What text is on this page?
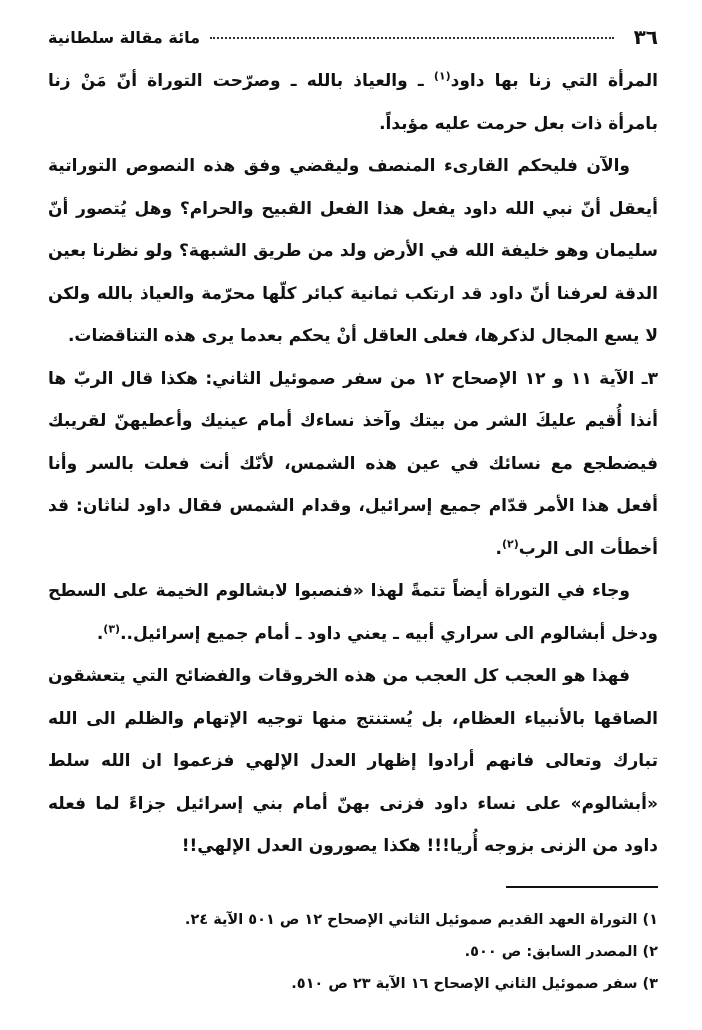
٣٦
مائة مقالة سلطانية

المرأة التي زنا بها داود$^{(١)}$ ـ والعياذ بالله ـ وصرّحت التوراة أنّ مَنْ زنا بامرأة ذات بعل حرمت عليه مؤبداً.

والآن فليحكم القارىء المنصف وليقضي وفق هذه النصوص التوراتية أيعقل أنّ نبي الله داود يفعل هذا الفعل القبيح والحرام؟ وهل يُتصور أنّ سليمان وهو خليفة الله في الأرض ولد من طريق الشبهة؟ ولو نظرنا بعين الدقة لعرفنا أنّ داود قد ارتكب ثمانية كبائر كلّها محرّمة والعياذ بالله ولكن لا يسع المجال لذكرها، فعلى العاقل أنْ يحكم بعدما يرى هذه التناقضات.

٣ـ الآية ١١ و ١٢ الإصحاح ١٢ من سفر صموئيل الثاني: هكذا قال الربّ ها أنذا أُقيم عليكَ الشر من بيتك وآخذ نساءك أمام عينيك وأعطيهنّ لقريبك فيضطجع مع نسائك في عين هذه الشمس، لأنّك أنت فعلت بالسر وأنا أفعل هذا الأمر قدّام جميع إسرائيل، وقدام الشمس فقال داود لناثان: قد أخطأت الى الرب$^{(٢)}$.

وجاء في التوراة أيضاً تتمةً لهذا «فنصبوا لابشالوم الخيمة على السطح ودخل أبشالوم الى سراري أبيه ـ يعني داود ـ أمام جميع إسرائيل..$^{(٣)}$.

فهذا هو العجب كل العجب من هذه الخروقات والفضائح التي يتعشقون الصاقها بالأنبياء العظام، بل يُستنتج منها توجيه الإتهام والظلم الى الله تبارك وتعالى فانهم أرادوا إظهار العدل الإلهي فزعموا ان الله سلط «أبشالوم» على نساء داود فزنى بهنّ أمام بني إسرائيل جزاءً لما فعله داود من الزنى بزوجه أُريا!!! هكذا يصورون العدل الإلهي!!

١) التوراة العهد القديم صموئيل الثاني الإصحاح ١٢ ص ٥٠١ الآية ٢٤.

٢) المصدر السابق: ص ٥٠٠.

٣) سفر صموئيل الثاني الإصحاح ١٦ الآية ٢٣ ص ٥١٠.
